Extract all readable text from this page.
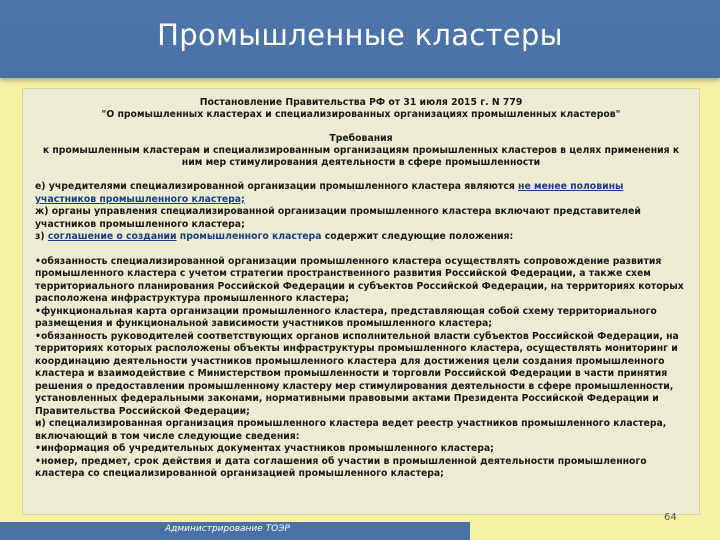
Промышленные кластеры
Постановление Правительства РФ от 31 июля 2015 г. N 779
"О промышленных кластерах и специализированных организациях промышленных кластеров"
Требования
к промышленным кластерам и специализированным организациям промышленных кластеров в целях применения к
ним мер стимулирования деятельности в сфере промышленности

е) учредителями специализированной организации промышленного кластера являются не менее половины
участников промышленного кластера;

ж) органы управления специализированной организации промышленного кластера включают представителей участников промышленного кластера;

з) соглашение о создании промышленного кластера содержит следующие положения:

•обязанность специализированной организации промышленного кластера осуществлять сопровождение развития промышленного кластера с учетом стратегии пространственного развития Российской Федерации, а также схем территориального планирования Российской Федерации и субъектов Российской Федерации, на территориях которых расположена инфраструктура промышленного кластера;

•функциональная карта организации промышленного кластера, представляющая собой схему территориального размещения и функциональной зависимости участников промышленного кластера;

•обязанность руководителей соответствующих органов исполнительной власти субъектов Российской Федерации, на территориях которых расположены объекты инфраструктуры промышленного кластера, осуществлять мониторинг и координацию деятельности участников промышленного кластера для достижения цели создания промышленного кластера и взаимодействие с Министерством промышленности и торговли Российской Федерации в части принятия решения о предоставлении промышленному кластеру мер стимулирования деятельности в сфере промышленности, установленных федеральными законами, нормативными правовыми актами Президента Российской Федерации и Правительства Российской Федерации;

и) специализированная организация промышленного кластера ведет реестр участников промышленного кластера, включающий в том числе следующие сведения:

•информация об учредительных документах участников промышленного кластера;

•номер, предмет, срок действия и дата соглашения об участии в промышленной деятельности промышленного кластера со специализированной организацией промышленного кластера;

64
Администрирование ТОЭР
